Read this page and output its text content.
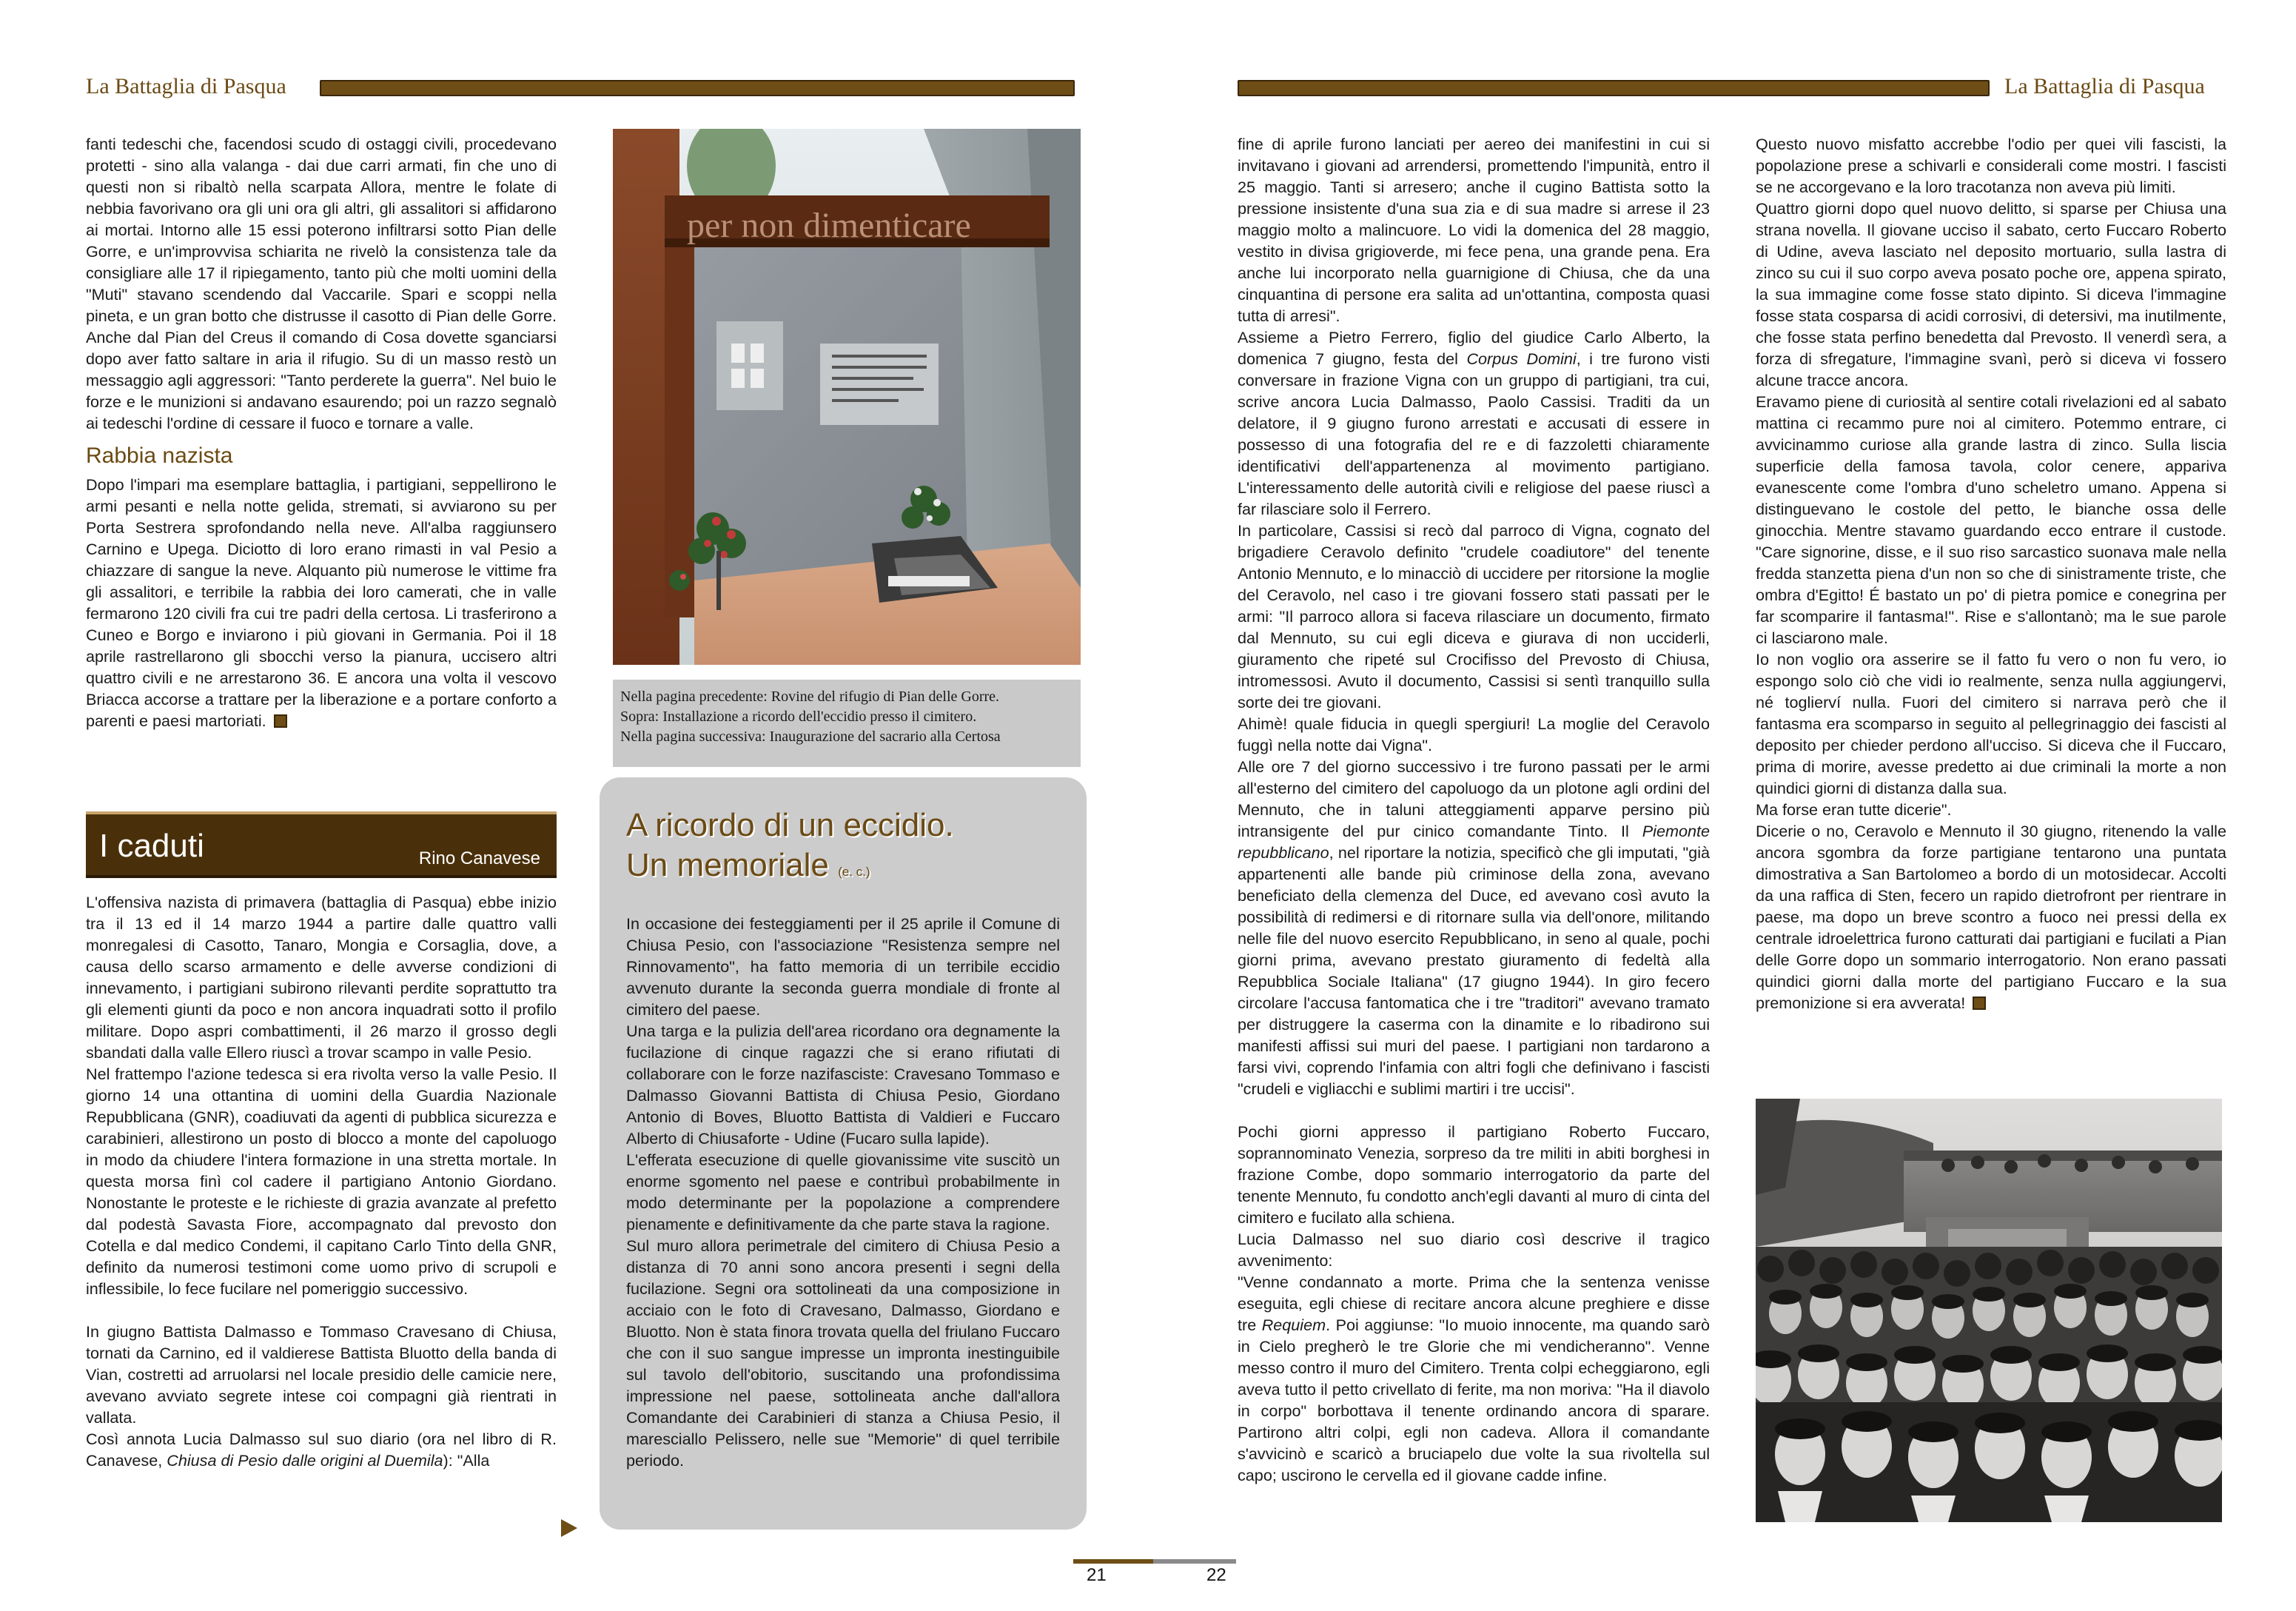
La Battaglia di Pasqua	La Battaglia di Pasqua

fanti tedeschi che, facendosi scudo di ostaggi civili, procedevano protetti - sino alla valanga - dai due carri armati, fin che uno di questi non si ribaltò nella scarpata Allora, mentre le folate di nebbia favorivano ora gli uni ora gli altri, gli assalitori si affidarono ai mortai. Intorno alle 15 essi poterono infiltrarsi sotto Pian delle Gorre, e un'improvvisa schiarita ne rivelò la consistenza tale da consigliare alle 17 il ripiegamento, tanto più che molti uomini della "Muti" stavano scendendo dal Vaccarile. Spari e scoppi nella pineta, e un gran botto che distrusse il casotto di Pian delle Gorre. Anche dal Pian del Creus il comando di Cosa dovette sganciarsi dopo aver fatto saltare in aria il rifugio. Su di un masso restò un messaggio agli aggressori: "Tanto perderete la guerra". Nel buio le forze e le munizioni si andavano esaurendo; poi un razzo segnalò ai tedeschi l'ordine di cessare il fuoco e tornare a valle.

Rabbia nazista

Dopo l'impari ma esemplare battaglia, i partigiani, seppellirono le armi pesanti e nella notte gelida, stremati, si avviarono su per Porta Sestrera sprofondando nella neve. All'alba raggiunsero Carnino e Upega. Diciotto di loro erano rimasti in val Pesio a chiazzare di sangue la neve. Alquanto più numerose le vittime fra gli assalitori, e terribile la rabbia dei loro camerati, che in valle fermarono 120 civili fra cui tre padri della certosa. Li trasferirono a Cuneo e Borgo e inviarono i più giovani in Germania. Poi il 18 aprile rastrellarono gli sbocchi verso la pianura, uccisero altri quattro civili e ne arrestarono 36. E ancora una volta il vescovo Briacca accorse a trattare per la liberazione e a portare conforto a parenti e paesi martoriati.

I caduti	Rino Canavese

L'offensiva nazista di primavera (battaglia di Pasqua) ebbe inizio tra il 13 ed il 14 marzo 1944 a partire dalle quattro valli monregalesi di Casotto, Tanaro, Mongia e Corsaglia, dove, a causa dello scarso armamento e delle avverse condizioni di innevamento, i partigiani subirono rilevanti perdite soprattutto tra gli elementi giunti da poco e non ancora inquadrati sotto il profilo militare. Dopo aspri combattimenti, il 26 marzo il grosso degli sbandati dalla valle Ellero riuscì a trovar scampo in valle Pesio.

Nel frattempo l'azione tedesca si era rivolta verso la valle Pesio. Il giorno 14 una ottantina di uomini della Guardia Nazionale Repubblicana (GNR), coadiuvati da agenti di pubblica sicurezza e carabinieri, allestirono un posto di blocco a monte del capoluogo in modo da chiudere l'intera formazione in una stretta mortale. In questa morsa finì col cadere il partigiano Antonio Giordano. Nonostante le proteste e le richieste di grazia avanzate al prefetto dal podestà Savasta Fiore, accompagnato dal prevosto don Cotella e dal medico Condemi, il capitano Carlo Tinto della GNR, definito da numerosi testimoni come uomo privo di scrupoli e inflessibile, lo fece fucilare nel pomeriggio successivo.

In giugno Battista Dalmasso e Tommaso Cravesano di Chiusa, tornati da Carnino, ed il valdierese Battista Bluotto della banda di Vian, costretti ad arruolarsi nel locale presidio delle camicie nere, avevano avviato segrete intese coi compagni già rientrati in vallata.

Così annota Lucia Dalmasso sul suo diario (ora nel libro di R. Canavese, Chiusa di Pesio dalle origini al Duemila): "Alla

per non dimenticare
Nella pagina precedente: Rovine del rifugio di Pian delle Gorre.
Sopra: Installazione a ricordo dell'eccidio presso il cimitero.
Nella pagina successiva: Inaugurazione del sacrario alla Certosa
A ricordo di un eccidio.
Un memoriale (e. c.)

In occasione dei festeggiamenti per il 25 aprile il Comune di Chiusa Pesio, con l'associazione "Resistenza sempre nel Rinnovamento", ha fatto memoria di un terribile eccidio avvenuto durante la seconda guerra mondiale di fronte al cimitero del paese.

Una targa e la pulizia dell'area ricordano ora degnamente la fucilazione di cinque ragazzi che si erano rifiutati di collaborare con le forze nazifasciste: Cravesano Tommaso e Dalmasso Giovanni Battista di Chiusa Pesio, Giordano Antonio di Boves, Bluotto Battista di Valdieri e Fuccaro Alberto di Chiusaforte - Udine (Fucaro sulla lapide).

L'efferata esecuzione di quelle giovanissime vite suscitò un enorme sgomento nel paese e contribuì probabilmente in modo determinante per la popolazione a comprendere pienamente e definitivamente da che parte stava la ragione.

Sul muro allora perimetrale del cimitero di Chiusa Pesio a distanza di 70 anni sono ancora presenti i segni della fucilazione. Segni ora sottolineati da una composizione in acciaio con le foto di Cravesano, Dalmasso, Giordano e Bluotto. Non è stata finora trovata quella del friulano Fuccaro che con il suo sangue impresse un impronta inestinguibile sul tavolo dell'obitorio, suscitando una profondissima impressione nel paese, sottolineata anche dall'allora Comandante dei Carabinieri di stanza a Chiusa Pesio, il maresciallo Pelissero, nelle sue "Memorie" di quel terribile periodo.

fine di aprile furono lanciati per aereo dei manifestini in cui si invitavano i giovani ad arrendersi, promettendo l'impunità, entro il 25 maggio. Tanti si arresero; anche il cugino Battista sotto la pressione insistente d'una sua zia e di sua madre si arrese il 23 maggio molto a malincuore. Lo vidi la domenica del 28 maggio, vestito in divisa grigioverde, mi fece pena, una grande pena. Era anche lui incorporato nella guarnigione di Chiusa, che da una cinquantina di persone era salita ad un'ottantina, composta quasi tutta di arresi".

Assieme a Pietro Ferrero, figlio del giudice Carlo Alberto, la domenica 7 giugno, festa del Corpus Domini, i tre furono visti conversare in frazione Vigna con un gruppo di partigiani, tra cui, scrive ancora Lucia Dalmasso, Paolo Cassisi. Traditi da un delatore, il 9 giugno furono arrestati e accusati di essere in possesso di una fotografia del re e di fazzoletti chiaramente identificativi dell'appartenenza al movimento partigiano. L'interessamento delle autorità civili e religiose del paese riuscì a far rilasciare solo il Ferrero.

In particolare, Cassisi si recò dal parroco di Vigna, cognato del brigadiere Ceravolo definito "crudele coadiutore" del tenente Antonio Mennuto, e lo minacciò di uccidere per ritorsione la moglie del Ceravolo, nel caso i tre giovani fossero stati passati per le armi: "Il parroco allora si faceva rilasciare un documento, firmato dal Mennuto, su cui egli diceva e giurava di non ucciderli, giuramento che ripeté sul Crocifisso del Prevosto di Chiusa, intromessosi. Avuto il documento, Cassisi si sentì tranquillo sulla sorte dei tre giovani.

Ahimè! quale fiducia in quegli spergiuri! La moglie del Ceravolo fuggì nella notte dai Vigna".

Alle ore 7 del giorno successivo i tre furono passati per le armi all'esterno del cimitero del capoluogo da un plotone agli ordini del Mennuto, che in taluni atteggiamenti apparve persino più intransigente del pur cinico comandante Tinto. Il Piemonte repubblicano, nel riportare la notizia, specificò che gli imputati, "già appartenenti alle bande più criminose della zona, avevano beneficiato della clemenza del Duce, ed avevano così avuto la possibilità di redimersi e di ritornare sulla via dell'onore, militando nelle file del nuovo esercito Repubblicano, in seno al quale, pochi giorni prima, avevano prestato giuramento di fedeltà alla Repubblica Sociale Italiana" (17 giugno 1944). In giro fecero circolare l'accusa fantomatica che i tre "traditori" avevano tramato per distruggere la caserma con la dinamite e lo ribadirono sui manifesti affissi sui muri del paese. I partigiani non tardarono a farsi vivi, coprendo l'infamia con altri fogli che definivano i fascisti "crudeli e vigliacchi e sublimi martiri i tre uccisi".

Pochi giorni appresso il partigiano Roberto Fuccaro, soprannominato Venezia, sorpreso da tre militi in abiti borghesi in frazione Combe, dopo sommario interrogatorio da parte del tenente Mennuto, fu condotto anch'egli davanti al muro di cinta del cimitero e fucilato alla schiena.

Lucia Dalmasso nel suo diario così descrive il tragico avvenimento:

"Venne condannato a morte. Prima che la sentenza venisse eseguita, egli chiese di recitare ancora alcune preghiere e disse tre Requiem. Poi aggiunse: "Io muoio innocente, ma quando sarò in Cielo pregherò le tre Glorie che mi vendicheranno". Venne messo contro il muro del Cimitero. Trenta colpi echeggiarono, egli aveva tutto il petto crivellato di ferite, ma non moriva: "Ha il diavolo in corpo" borbottava il tenente ordinando ancora di sparare. Partirono altri colpi, egli non cadeva. Allora il comandante s'avvicinò e scaricò a bruciapelo due volte la sua rivoltella sul capo; uscirono le cervella ed il giovane cadde infine.

Questo nuovo misfatto accrebbe l'odio per quei vili fascisti, la popolazione prese a schivarli e considerali come mostri. I fascisti se ne accorgevano e la loro tracotanza non aveva più limiti.

Quattro giorni dopo quel nuovo delitto, si sparse per Chiusa una strana novella. Il giovane ucciso il sabato, certo Fuccaro Roberto di Udine, aveva lasciato nel deposito mortuario, sulla lastra di zinco su cui il suo corpo aveva posato poche ore, appena spirato, la sua immagine come fosse stato dipinto. Si diceva l'immagine fosse stata cosparsa di acidi corrosivi, di detersivi, ma inutilmente, che fosse stata perfino benedetta dal Prevosto. Il venerdì sera, a forza di sfregature, l'immagine svanì, però si diceva vi fossero alcune tracce ancora.

Eravamo piene di curiosità al sentire cotali rivelazioni ed al sabato mattina ci recammo pure noi al cimitero. Potemmo entrare, ci avvicinammo curiose alla grande lastra di zinco. Sulla liscia superficie della famosa tavola, color cenere, appariva evanescente come l'ombra d'uno scheletro umano. Appena si distinguevano le costole del petto, le bianche ossa delle ginocchia. Mentre stavamo guardando ecco entrare il custode. "Care signorine, disse, e il suo riso sarcastico suonava male nella fredda stanzetta piena d'un non so che di sinistramente triste, che ombra d'Egitto! É bastato un po' di pietra pomice e conegrina per far scomparire il fantasma!". Rise e s'allontanò; ma le sue parole ci lasciarono male.

Io non voglio ora asserire se il fatto fu vero o non fu vero, io espongo solo ciò che vidi io realmente, senza nulla aggiungervi, né toglierví nulla. Fuori del cimitero si narrava però che il fantasma era scomparso in seguito al pellegrinaggio dei fascisti al deposito per chieder perdono all'ucciso. Si diceva che il Fuccaro, prima di morire, avesse predetto ai due criminali la morte a non quindici giorni di distanza dalla sua.

Ma forse eran tutte dicerie".

Dicerie o no, Ceravolo e Mennuto il 30 giugno, ritenendo la valle ancora sgombra da forze partigiane tentarono una puntata dimostrativa a San Bartolomeo a bordo di un motosidecar. Accolti da una raffica di Sten, fecero un rapido dietrofront per rientrare in paese, ma dopo un breve scontro a fuoco nei pressi della ex centrale idroelettrica furono catturati dai partigiani e fucilati a Pian delle Gorre dopo un sommario interrogatorio. Non erano passati quindici giorni dalla morte del partigiano Fuccaro e la sua premonizione si era avverata!

21	22
